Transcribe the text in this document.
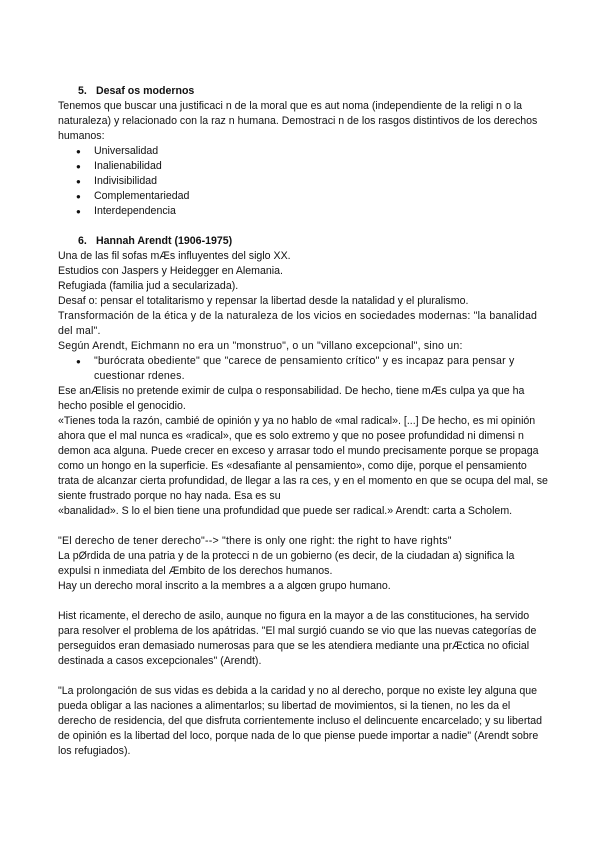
5. Desaf os modernos

Tenemos que buscar una justificaci n de la moral que es aut noma (independiente de la religi n o la naturaleza) y relacionado con la raz n humana. Demostraci n de los rasgos distintivos de los derechos humanos:

● Universalidad
● Inalienabilidad
● Indivisibilidad
● Complementariedad
● Interdependencia
6. Hannah Arendt (1906-1975)

Una de las fil sofas mÆs influyentes del siglo XX.

Estudios con Jaspers y Heidegger en Alemania.

Refugiada (familia jud a secularizada).

Desaf o: pensar el totalitarismo y repensar la libertad desde la natalidad y el pluralismo.

Transformación de la ética y de la naturaleza de los vicios en sociedades modernas: "la banalidad del mal".

Según Arendt, Eichmann no era un "monstruo", o un "villano excepcional", sino un:

● "burócrata obediente" que "carece de pensamiento crítico" y es incapaz para pensar y cuestionar rdenes.

Ese anÆlisis no pretende eximir de culpa o responsabilidad. De hecho, tiene mÆs culpa ya que ha hecho posible el genocidio.

«Tienes toda la razón, cambié de opinión y ya no hablo de «mal radical». [...] De hecho, es mi opinión ahora que el mal nunca es «radical», que es solo extremo y que no posee profundidad ni dimensi n demon aca alguna. Puede crecer en exceso y arrasar todo el mundo precisamente porque se propaga como un hongo en la superficie. Es «desafiante al pensamiento», como dije, porque el pensamiento trata de alcanzar cierta profundidad, de llegar a las ra ces, y en el momento en que se ocupa del mal, se siente frustrado porque no hay nada. Esa es su

«banalidad». S lo el bien tiene una profundidad que puede ser radical.» Arendt: carta a Scholem.

"El derecho de tener derecho"--> "there is only one right: the right to have rights"

La pØrdida de una patria y de la protecci n de un gobierno (es decir, de la ciudadan a) significa la expulsi n inmediata del Æmbito de los derechos humanos.

Hay un derecho moral inscrito a la membres a a algœn grupo humano.

Hist ricamente, el derecho de asilo, aunque no figura en la mayor a de las constituciones, ha servido para resolver el problema de los apátridas. "El mal surgió cuando se vio que las nuevas categorías de perseguidos eran demasiado numerosas para que se les atendiera mediante una prÆctica no oficial destinada a casos excepcionales" (Arendt).

"La prolongación de sus vidas es debida a la caridad y no al derecho, porque no existe ley alguna que pueda obligar a las naciones a alimentarlos; su libertad de movimientos, si la tienen, no les da el derecho de residencia, del que disfruta corrientemente incluso el delincuente encarcelado; y su libertad de opinión es la libertad del loco, porque nada de lo que piense puede importar a nadie" (Arendt sobre los refugiados).
